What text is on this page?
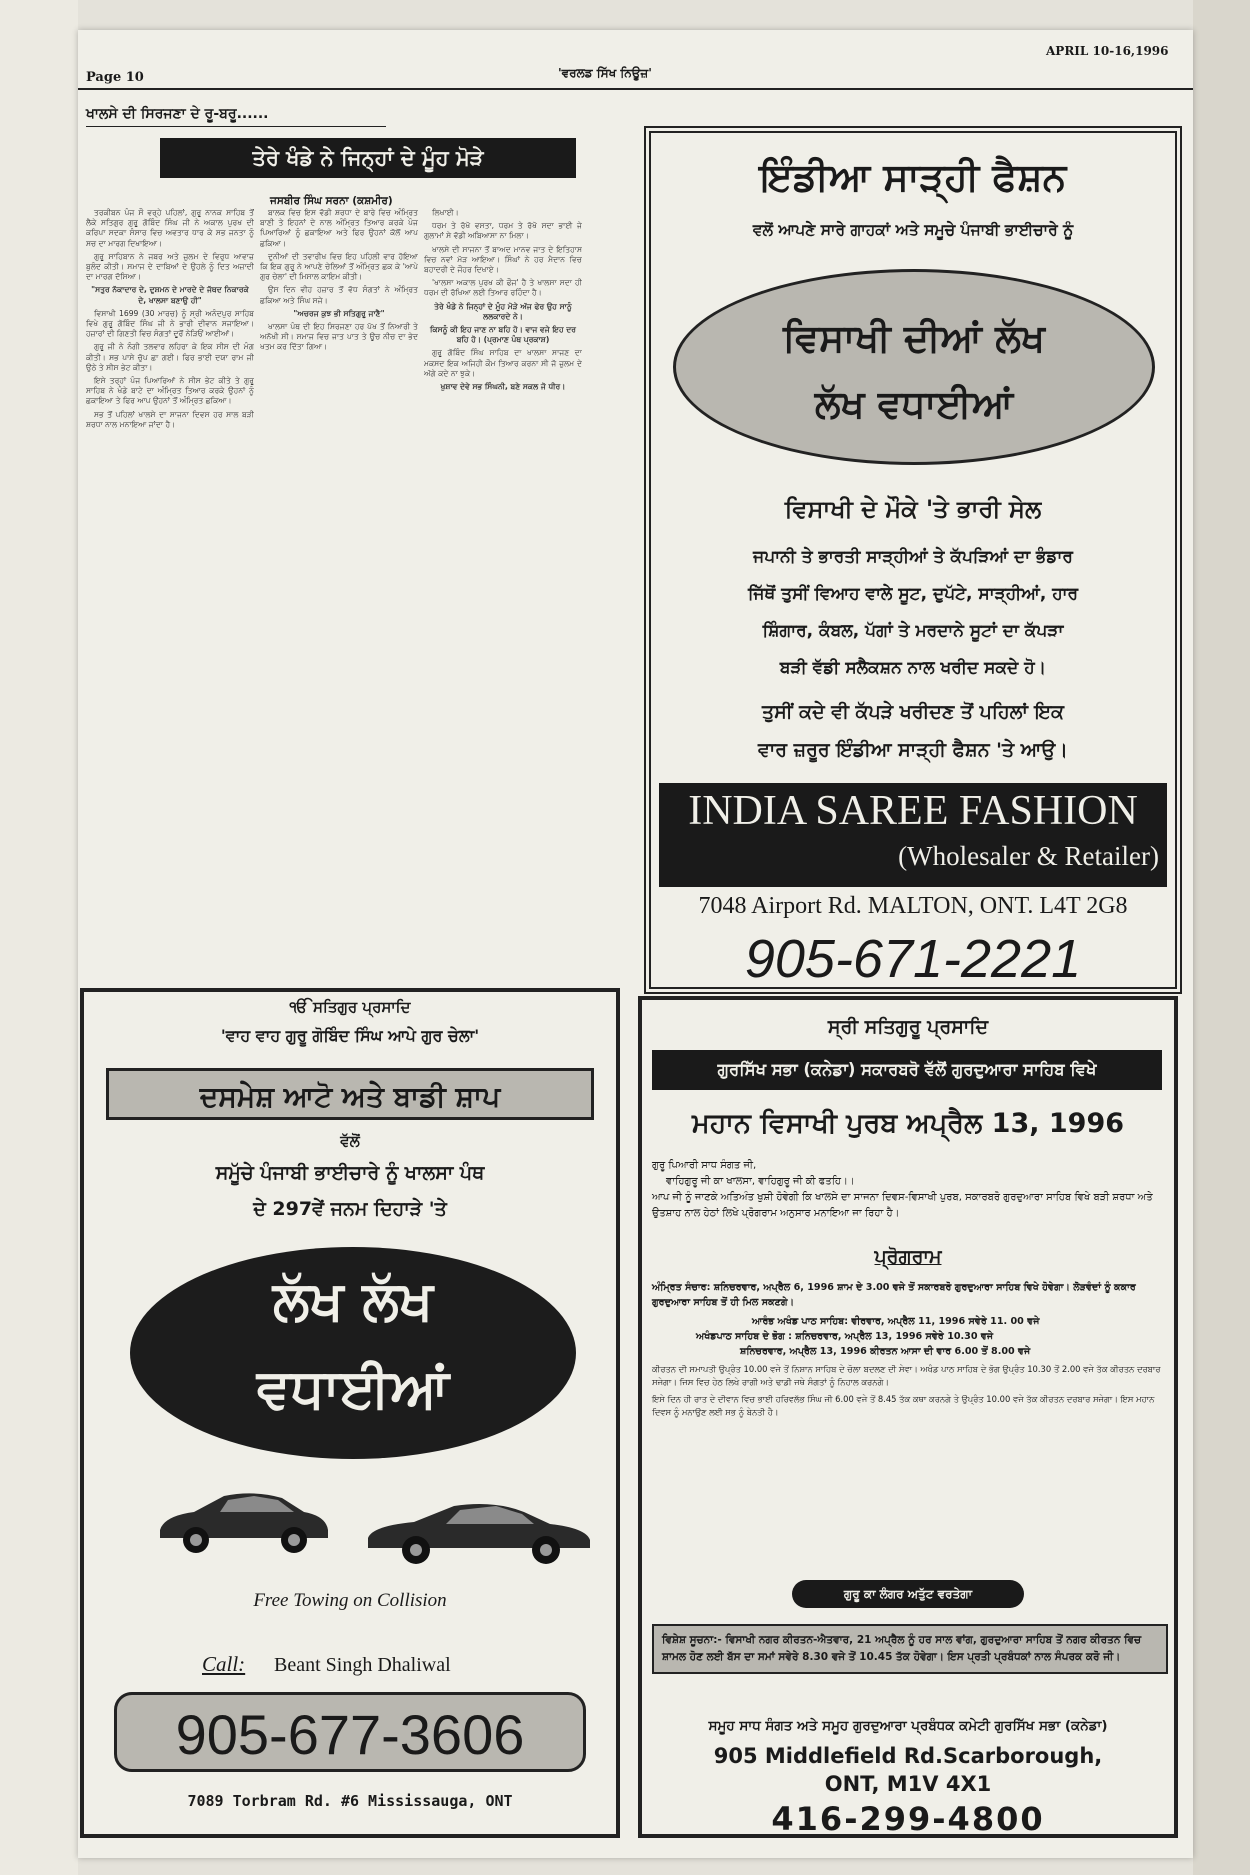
Page 10	'ਵਰਲਡ ਸਿੱਖ ਨਿਊਜ਼'
APRIL 10-16,1996
ਖਾਲਸੇ ਦੀ ਸਿਰਜਣਾ ਦੇ ਰੂ-ਬਰੂ......
ਤੇਰੇ ਖੰਡੇ ਨੇ ਜਿਨ੍ਹਾਂ ਦੇ ਮੂੰਹ ਮੋੜੇ
ਜਸਬੀਰ ਸਿੰਘ ਸਰਨਾ (ਕਸ਼ਮੀਰ)

ਤਰਕੀਬਨ ਪੰਜ ਸੌ ਵਰ੍ਹੇ ਪਹਿਲਾਂ, ਗੁਰੂ ਨਾਨਕ ਸਾਹਿਬ ਤੋਂ ਲੈਕੇ ਸਤਿਗੁਰ ਗੁਰੂ ਗੋਬਿੰਦ ਸਿੰਘ ਜੀ ਨੇ ਅਕਾਲ ਪੁਰਖ ਦੀ ਕਰਿਪਾ ਸਦਕਾ ਸੰਸਾਰ ਵਿਚ ਅਵਤਾਰ ਧਾਰ ਕੇ ਸਭ ਜਨਤਾ ਨੂੰ ਸਚ ਦਾ ਮਾਰਗ ਦਿਖਾਇਆ।

ਗੁਰੂ ਸਾਹਿਬਾਨ ਨੇ ਜਬਰ ਅਤੇ ਜ਼ੁਲਮ ਦੇ ਵਿਰੁਧ ਆਵਾਜ਼ ਬੁਲੰਦ ਕੀਤੀ। ਸਮਾਜ ਦੇ ਦਾਬਿਆਂ ਦੇ ਉਹਲੇ ਨੂੰ ਦਿਤ ਅਜ਼ਾਦੀ ਦਾ ਮਾਰਗ ਦੱਸਿਆ।

"ਸਤੁਰ ਨੱਕਾਦਾਰ ਦੇ, ਦੁਸ਼ਮਨ ਦੇ ਮਾਰਦੇ ਦੇ ਜੱਥਦ ਨਿਕਾਰਕੇ ਦੇ, ਖਾਲਸਾ ਬਣਾਉ ਹੀ"

ਵਿਸਾਖੀ 1699 (30 ਮਾਰਚ) ਨੂੰ ਸ੍ਰੀ ਅਨੰਦਪੁਰ ਸਾਹਿਬ ਵਿਖੇ ਗੁਰੂ ਗੋਬਿੰਦ ਸਿੰਘ ਜੀ ਨੇ ਭਾਰੀ ਦੀਵਾਨ ਸਜਾਇਆ। ਹਜ਼ਾਰਾਂ ਦੀ ਗਿਣਤੀ ਵਿਚ ਸੰਗਤਾਂ ਦੂਰੋਂ ਨੇੜਿਓਂ ਆਈਆਂ।

ਗੁਰੂ ਜੀ ਨੇ ਨੰਗੀ ਤਲਵਾਰ ਲਹਿਰਾ ਕੇ ਇਕ ਸੀਸ ਦੀ ਮੰਗ ਕੀਤੀ। ਸਭ ਪਾਸੇ ਚੁੱਪ ਛਾ ਗਈ। ਫਿਰ ਭਾਈ ਦਯਾ ਰਾਮ ਜੀ ਉਠੇ ਤੇ ਸੀਸ ਭੇਟ ਕੀਤਾ।

ਇਸੇ ਤਰ੍ਹਾਂ ਪੰਜ ਪਿਆਰਿਆਂ ਨੇ ਸੀਸ ਭੇਟ ਕੀਤੇ ਤੇ ਗੁਰੂ ਸਾਹਿਬ ਨੇ ਖੰਡੇ ਬਾਟੇ ਦਾ ਅੰਮ੍ਰਿਤ ਤਿਆਰ ਕਰਕੇ ਉਹਨਾਂ ਨੂੰ ਛਕਾਇਆ ਤੇ ਫਿਰ ਆਪ ਉਹਨਾਂ ਤੋਂ ਅੰਮ੍ਰਿਤ ਛਕਿਆ।

ਸਭ ਤੋਂ ਪਹਿਲਾਂ ਖਾਲਸੇ ਦਾ ਸਾਜਨਾ ਦਿਵਸ ਹਰ ਸਾਲ ਬੜੀ ਸ਼ਰਧਾ ਨਾਲ ਮਨਾਇਆ ਜਾਂਦਾ ਹੈ।

ਬਾਲਕ ਵਿਚ ਇਸ ਵੱਡੀ ਸ਼ਰਧਾ ਦੇ ਬਾਰੇ ਵਿਚ ਅੰਮ੍ਰਿਤ ਬਾਣੀ ਤੇ ਇਹਨਾਂ ਦੇ ਨਾਲ ਅੰਮ੍ਰਿਤ ਤਿਆਰ ਕਰਕੇ ਪੰਜ ਪਿਆਰਿਆਂ ਨੂੰ ਛਕਾਇਆ ਅਤੇ ਫਿਰ ਉਹਨਾਂ ਕੋਲੋਂ ਆਪ ਛਕਿਆ।

ਦੁਨੀਆਂ ਦੀ ਤਵਾਰੀਖ ਵਿਚ ਇਹ ਪਹਿਲੀ ਵਾਰ ਹੋਇਆ ਕਿ ਇਕ ਗੁਰੂ ਨੇ ਆਪਣੇ ਚੇਲਿਆਂ ਤੋਂ ਅੰਮ੍ਰਿਤ ਛਕ ਕੇ 'ਆਪੇ ਗੁਰ ਚੇਲਾ' ਦੀ ਮਿਸਾਲ ਕਾਇਮ ਕੀਤੀ।

ਉਸ ਦਿਨ ਵੀਹ ਹਜ਼ਾਰ ਤੋਂ ਵੱਧ ਸੰਗਤਾਂ ਨੇ ਅੰਮ੍ਰਿਤ ਛਕਿਆ ਅਤੇ ਸਿੰਘ ਸਜੇ।

"ਅਚਰਜ ਕੁਝ ਭੀ ਸਤਿਗੁਰੂ ਜਾਣੈ"

ਖਾਲਸਾ ਪੰਥ ਦੀ ਇਹ ਸਿਰਜਣਾ ਹਰ ਪੱਖ ਤੋਂ ਨਿਆਰੀ ਤੇ ਅਨੋਖੀ ਸੀ। ਸਮਾਜ ਵਿਚ ਜਾਤ ਪਾਤ ਤੇ ਊਚ ਨੀਚ ਦਾ ਭੇਦ ਖਤਮ ਕਰ ਦਿੱਤਾ ਗਿਆ।

ਲਿਖਾਈ।

ਧਰਮ ਤੇ ਰੱਖੋ ਵਸਤਾ, ਧਰਮ ਤੇ ਰੱਖੋ ਸਦਾ ਭਾਈ ਜੇ ਗੁਲਾਮਾਂ ਸੇ ਵੱਡੀ ਅਬਿਆਸਾ ਨਾ ਮਿਲਾ।

ਖਾਲਸੇ ਦੀ ਸਾਜਨਾ ਤੋਂ ਬਾਅਦ ਮਾਨਵ ਜਾਤ ਦੇ ਇਤਿਹਾਸ ਵਿਚ ਨਵਾਂ ਮੋੜ ਆਇਆ। ਸਿੰਘਾਂ ਨੇ ਹਰ ਮੈਦਾਨ ਵਿਚ ਬਹਾਦਰੀ ਦੇ ਜੌਹਰ ਦਿਖਾਏ।

'ਖਾਲਸਾ ਅਕਾਲ ਪੁਰਖ ਕੀ ਫੌਜ' ਹੈ ਤੇ ਖਾਲਸਾ ਸਦਾ ਹੀ ਧਰਮ ਦੀ ਰੱਖਿਆ ਲਈ ਤਿਆਰ ਰਹਿੰਦਾ ਹੈ।

ਤੇਰੇ ਖੰਡੇ ਨੇ ਜਿਨ੍ਹਾਂ ਦੇ ਮੂੰਹ ਮੋੜੇ ਅੱਜ ਫੇਰ ਉਹ ਸਾਨੂੰ ਲਲਕਾਰਦੇ ਨੇ।

ਕਿਸਨੂੰ ਕੀ ਇਹ ਜਾਣ ਨਾ ਬਹਿ ਹੋ। ਵਾਜ ਵਜੇ ਇਹ ਦਰ ਬਹਿ ਹੋ। (ਪ੍ਰਮਾਣ ਪੰਥ ਪ੍ਰਕਾਸ਼)

ਗੁਰੂ ਗੋਬਿੰਦ ਸਿੰਘ ਸਾਹਿਬ ਦਾ ਖਾਲਸਾ ਸਾਜਣ ਦਾ ਮਕਸਦ ਇਕ ਅਜਿਹੀ ਕੌਮ ਤਿਆਰ ਕਰਨਾ ਸੀ ਜੋ ਜ਼ੁਲਮ ਦੇ ਅੱਗੇ ਕਦੇ ਨਾ ਝੁਕੇ।

ਖੁਸ਼ਾਵ ਦੇਵੇ ਸਭ ਸਿੰਘਨੀ, ਬਣੇ ਸਕਲ ਜੋ ਧੀਰ।

ਇੰਡੀਆ ਸਾੜ੍ਹੀ ਫੈਸ਼ਨ
ਵਲੋਂ ਆਪਣੇ ਸਾਰੇ ਗਾਹਕਾਂ ਅਤੇ ਸਮੂਚੇ ਪੰਜਾਬੀ ਭਾਈਚਾਰੇ ਨੂੰ
ਵਿਸਾਖੀ ਦੀਆਂ ਲੱਖ
ਲੱਖ ਵਧਾਈਆਂ
ਵਿਸਾਖੀ ਦੇ ਮੌਕੇ 'ਤੇ ਭਾਰੀ ਸੇਲ
ਜਪਾਨੀ ਤੇ ਭਾਰਤੀ ਸਾੜ੍ਹੀਆਂ ਤੇ ਕੱਪੜਿਆਂ ਦਾ ਭੰਡਾਰ
ਜਿੱਥੋਂ ਤੁਸੀਂ ਵਿਆਹ ਵਾਲੇ ਸੂਟ, ਦੁਪੱਟੇ, ਸਾੜ੍ਹੀਆਂ, ਹਾਰ
ਸ਼ਿੰਗਾਰ, ਕੰਬਲ, ਪੱਗਾਂ ਤੇ ਮਰਦਾਨੇ ਸੂਟਾਂ ਦਾ ਕੱਪੜਾ
ਬੜੀ ਵੱਡੀ ਸਲੈਕਸ਼ਨ ਨਾਲ ਖਰੀਦ ਸਕਦੇ ਹੋ।
ਤੁਸੀਂ ਕਦੇ ਵੀ ਕੱਪੜੇ ਖਰੀਦਣ ਤੋਂ ਪਹਿਲਾਂ ਇਕ
ਵਾਰ ਜ਼ਰੂਰ ਇੰਡੀਆ ਸਾੜ੍ਹੀ ਫੈਸ਼ਨ 'ਤੇ ਆਉ।
INDIA SAREE FASHION
(Wholesaler & Retailer)
7048 Airport Rd. MALTON, ONT. L4T 2G8
905-671-2221
ੴ ਸਤਿਗੁਰ ਪ੍ਰਸਾਦਿ
'ਵਾਹ ਵਾਹ ਗੁਰੂ ਗੋਬਿੰਦ ਸਿੰਘ ਆਪੇ ਗੁਰ ਚੇਲਾ'
ਦਸਮੇਸ਼ ਆਟੋ ਅਤੇ ਬਾਡੀ ਸ਼ਾਪ
ਵੱਲੋਂ
ਸਮੂੱਚੇ ਪੰਜਾਬੀ ਭਾਈਚਾਰੇ ਨੂੰ ਖਾਲਸਾ ਪੰਥ
ਦੇ 297ਵੇਂ ਜਨਮ ਦਿਹਾੜੇ 'ਤੇ
ਲੱਖ ਲੱਖ
ਵਧਾਈਆਂ
Free Towing on Collision
Call: Beant Singh Dhaliwal
905-677-3606
7089 Torbram Rd. #6 Mississauga, ONT
ਸ੍ਰੀ ਸਤਿਗੁਰੂ ਪ੍ਰਸਾਦਿ
ਗੁਰਸਿੱਖ ਸਭਾ (ਕਨੇਡਾ) ਸਕਾਰਬਰੋ ਵੱਲੋਂ ਗੁਰਦੁਆਰਾ ਸਾਹਿਬ ਵਿਖੇ
ਮਹਾਨ ਵਿਸਾਖੀ ਪੁਰਬ ਅਪ੍ਰੈਲ 13, 1996
ਗੁਰੂ ਪਿਆਰੀ ਸਾਧ ਸੰਗਤ ਜੀ,
ਵਾਹਿਗੁਰੂ ਜੀ ਕਾ ਖਾਲਸਾ, ਵਾਹਿਗੁਰੂ ਜੀ ਕੀ ਫਤਹਿ।।
ਆਪ ਜੀ ਨੂੰ ਜਾਣਕੇ ਅਤਿਅੰਤ ਖੁਸ਼ੀ ਹੋਵੇਗੀ ਕਿ ਖਾਲਸੇ ਦਾ ਸਾਜਨਾ ਦਿਵਸ-ਵਿਸਾਖੀ ਪੁਰਬ, ਸਕਾਰਬਰੋ ਗੁਰਦੁਆਰਾ ਸਾਹਿਬ ਵਿਖੇ ਬੜੀ ਸ਼ਰਧਾ ਅਤੇ ਉਤਸ਼ਾਹ ਨਾਲ ਹੇਠਾਂ ਲਿਖੇ ਪ੍ਰੋਗਰਾਮ ਅਨੁਸਾਰ ਮਨਾਇਆ ਜਾ ਰਿਹਾ ਹੈ।
ਪ੍ਰੋਗਰਾਮ
ਅੰਮ੍ਰਿਤ ਸੰਚਾਰ: ਸ਼ਨਿਚਰਵਾਰ, ਅਪ੍ਰੈਲ 6, 1996 ਸ਼ਾਮ ਦੇ 3.00 ਵਜੇ ਤੋਂ ਸਕਾਰਬਰੋ ਗੁਰਦੁਆਰਾ ਸਾਹਿਬ ਵਿਖੇ ਹੋਵੇਗਾ। ਲੋੜਵੰਦਾਂ ਨੂੰ ਕਕਾਰ ਗੁਰਦੁਆਰਾ ਸਾਹਿਬ ਤੋਂ ਹੀ ਮਿਲ ਸਕਣਗੇ।
ਆਰੰਭ ਅਖੰਡ ਪਾਠ ਸਾਹਿਬ: ਵੀਰਵਾਰ, ਅਪ੍ਰੈਲ 11, 1996 ਸਵੇਰੇ 11. 00 ਵਜੇ
ਅਖੰਡਪਾਠ ਸਾਹਿਬ ਦੇ ਭੋਗ : ਸ਼ਨਿਚਰਵਾਰ, ਅਪ੍ਰੈਲ 13, 1996 ਸਵੇਰੇ 10.30 ਵਜੇ
ਸ਼ਨਿਚਰਵਾਰ, ਅਪ੍ਰੈਲ 13, 1996 ਕੀਰਤਨ ਆਸਾ ਦੀ ਵਾਰ 6.00 ਤੋਂ 8.00 ਵਜੇ
ਕੀਰਤਨ ਦੀ ਸਮਾਪਤੀ ਉਪ੍ਰੰਤ 10.00 ਵਜੇ ਤੋਂ ਨਿਸ਼ਾਨ ਸਾਹਿਬ ਦੇ ਚੋਲਾ ਬਦਲਣ ਦੀ ਸੇਵਾ। ਅਖੰਡ ਪਾਠ ਸਾਹਿਬ ਦੇ ਭੋਗ ਉਪ੍ਰੰਤ 10.30 ਤੋਂ 2.00 ਵਜੇ ਤੱਕ ਕੀਰਤਨ ਦਰਬਾਰ ਸਜੇਗਾ। ਜਿਸ ਵਿਚ ਹੇਠ ਲਿਖੇ ਰਾਗੀ ਅਤੇ ਢਾਡੀ ਜਥੇ ਸੰਗਤਾਂ ਨੂੰ ਨਿਹਾਲ ਕਰਨਗੇ।
ਇਸੇ ਦਿਨ ਹੀ ਰਾਤ ਦੇ ਦੀਵਾਨ ਵਿਚ ਭਾਈ ਹਰਿਵਲੱਭ ਸਿੰਘ ਜੀ 6.00 ਵਜੇ ਤੋਂ 8.45 ਤੱਕ ਕਥਾ ਕਰਨਗੇ ਤੇ ਉਪ੍ਰੰਤ 10.00 ਵਜੇ ਤੱਕ ਕੀਰਤਨ ਦਰਬਾਰ ਸਜੇਗਾ। ਇਸ ਮਹਾਨ ਦਿਵਸ ਨੂੰ ਮਨਾਉਣ ਲਈ ਸਭ ਨੂੰ ਬੇਨਤੀ ਹੈ।
ਗੁਰੂ ਕਾ ਲੰਗਰ ਅਤੁੱਟ ਵਰਤੇਗਾ
ਵਿਸ਼ੇਸ਼ ਸੂਚਨਾ:- ਵਿਸਾਖੀ ਨਗਰ ਕੀਰਤਨ-ਐਤਵਾਰ, 21 ਅਪ੍ਰੈਲ ਨੂੰ ਹਰ ਸਾਲ ਵਾਂਗ, ਗੁਰਦੁਆਰਾ ਸਾਹਿਬ ਤੋਂ ਨਗਰ ਕੀਰਤਨ ਵਿਚ ਸ਼ਾਮਲ ਹੋਣ ਲਈ ਬੱਸ ਦਾ ਸਮਾਂ ਸਵੇਰੇ 8.30 ਵਜੇ ਤੋਂ 10.45 ਤੱਕ ਹੋਵੇਗਾ। ਇਸ ਪ੍ਰਤੀ ਪ੍ਰਬੰਧਕਾਂ ਨਾਲ ਸੰਪਰਕ ਕਰੋ ਜੀ।
ਸਮੂਹ ਸਾਧ ਸੰਗਤ ਅਤੇ ਸਮੂਹ ਗੁਰਦੁਆਰਾ ਪ੍ਰਬੰਧਕ ਕਮੇਟੀ ਗੁਰਸਿੱਖ ਸਭਾ (ਕਨੇਡਾ)
905 Middlefield Rd.Scarborough,
ONT, M1V 4X1
416-299-4800
